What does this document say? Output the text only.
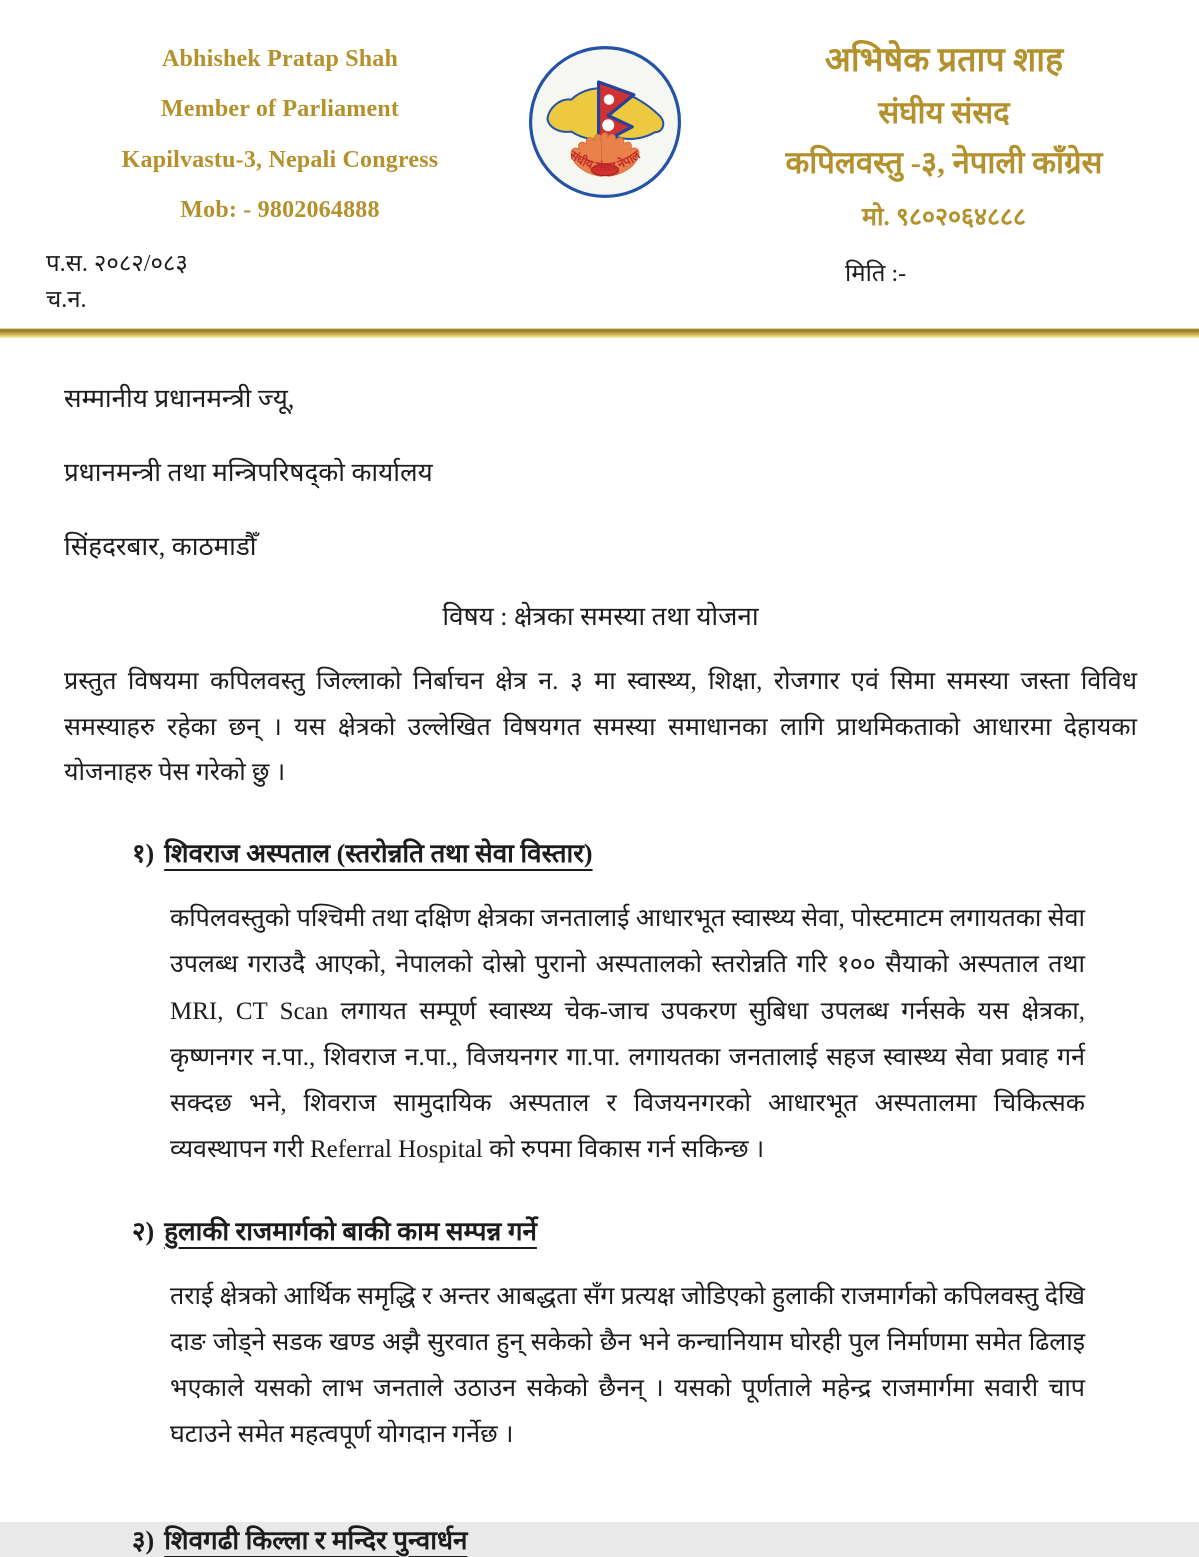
Abhishek Pratap Shah
Member of Parliament
Kapilvastu-3, Nepali Congress
Mob: - 9802064888
संघीय संसद नेपाल
अभिषेक प्रताप शाह
संघीय संसद
कपिलवस्तु -३, नेपाली काँग्रेस
मो. ९८०२०६४८८८
प.स. २०८२/०८३
च.न.
मिति :-
सम्मानीय प्रधानमन्त्री ज्यू,
प्रधानमन्त्री तथा मन्त्रिपरिषद्को कार्यालय
सिंहदरबार, काठमाडौँ
विषय : क्षेत्रका समस्या तथा योजना
प्रस्तुत विषयमा कपिलवस्तु जिल्लाको निर्बाचन क्षेत्र न. ३ मा स्वास्थ्य, शिक्षा, रोजगार एवं सिमा समस्या जस्ता विविध समस्याहरु रहेका छन् । यस क्षेत्रको उल्लेखित विषयगत समस्या समाधानका लागि प्राथमिकताको आधारमा देहायका योजनाहरु पेस गरेको छु ।
१) शिवराज अस्पताल (स्तरोन्नति तथा सेवा विस्तार)
कपिलवस्तुको पश्चिमी तथा दक्षिण क्षेत्रका जनतालाई आधारभूत स्वास्थ्य सेवा, पोस्टमाटम लगायतका सेवा उपलब्ध गराउदै आएको, नेपालको दोस्रो पुरानो अस्पतालको स्तरोन्नति गरि १०० सैयाको अस्पताल तथा MRI, CT Scan लगायत सम्पूर्ण स्वास्थ्य चेक-जाच उपकरण सुबिधा उपलब्ध गर्नसके यस क्षेत्रका, कृष्णनगर न.पा., शिवराज न.पा., विजयनगर गा.पा. लगायतका जनतालाई सहज स्वास्थ्य सेवा प्रवाह गर्न सक्दछ भने, शिवराज सामुदायिक अस्पताल र विजयनगरको आधारभूत अस्पतालमा चिकित्सक व्यवस्थापन गरी Referral Hospital को रुपमा विकास गर्न सकिन्छ ।
२) हुलाकी राजमार्गको बाकी काम सम्पन्न गर्ने
तराई क्षेत्रको आर्थिक समृद्धि र अन्तर आबद्धता सँग प्रत्यक्ष जोडिएको हुलाकी राजमार्गको कपिलवस्तु देखि दाङ जोड्ने सडक खण्ड अझै सुरवात हुन् सकेको छैन भने कन्चानियाम घोरही पुल निर्माणमा समेत ढिलाइ भएकाले यसको लाभ जनताले उठाउन सकेको छैनन् । यसको पूर्णताले महेन्द्र राजमार्गमा सवारी चाप घटाउने समेत महत्वपूर्ण योगदान गर्नेछ ।
३) शिवगढी किल्ला र मन्दिर पुन्वार्धन
